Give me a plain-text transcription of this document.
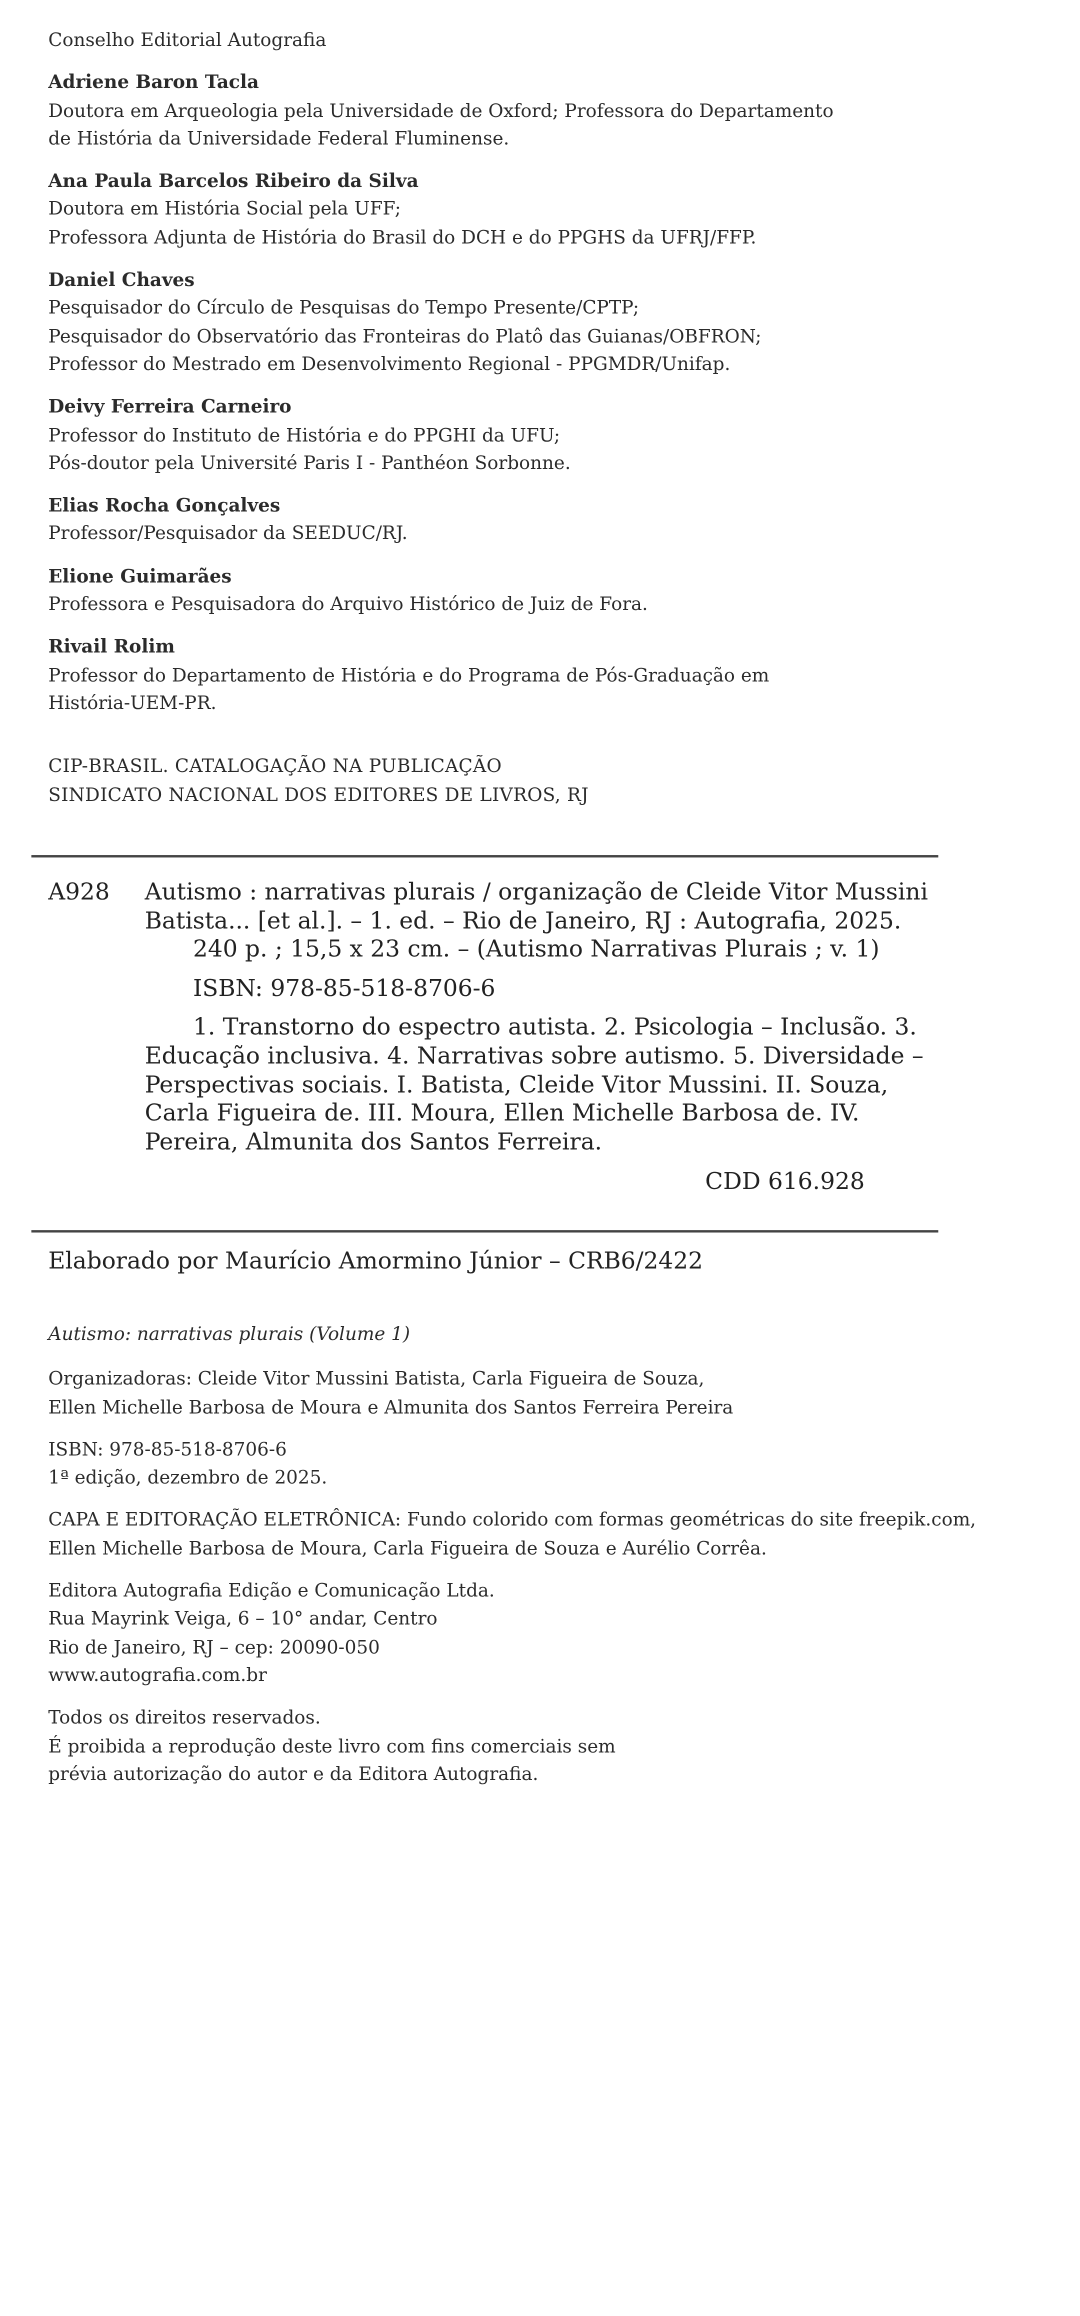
Conselho Editorial Autografia
Adriene Baron Tacla
Doutora em Arqueologia pela Universidade de Oxford; Professora do Departamento
de História da Universidade Federal Fluminense.
Ana Paula Barcelos Ribeiro da Silva
Doutora em História Social pela UFF;
Professora Adjunta de História do Brasil do DCH e do PPGHS da UFRJ/FFP.
Daniel Chaves
Pesquisador do Círculo de Pesquisas do Tempo Presente/CPTP;
Pesquisador do Observatório das Fronteiras do Platô das Guianas/OBFRON;
Professor do Mestrado em Desenvolvimento Regional - PPGMDR/Unifap.
Deivy Ferreira Carneiro
Professor do Instituto de História e do PPGHI da UFU;
Pós-doutor pela Université Paris I - Panthéon Sorbonne.
Elias Rocha Gonçalves
Professor/Pesquisador da SEEDUC/RJ.
Elione Guimarães
Professora e Pesquisadora do Arquivo Histórico de Juiz de Fora.
Rivail Rolim
Professor do Departamento de História e do Programa de Pós-Graduação em
História-UEM-PR.
CIP-BRASIL. CATALOGAÇÃO NA PUBLICAÇÃO
SINDICATO NACIONAL DOS EDITORES DE LIVROS, RJ
A928 Autismo : narrativas plurais / organização de Cleide Vitor Mussini Batista... [et al.]. – 1. ed. – Rio de Janeiro, RJ : Autografia, 2025.
240 p. ; 15,5 x 23 cm. – (Autismo Narrativas Plurais ; v. 1)
ISBN: 978-85-518-8706-6
1. Transtorno do espectro autista. 2. Psicologia – Inclusão. 3. Educação inclusiva. 4. Narrativas sobre autismo. 5. Diversidade – Perspectivas sociais. I. Batista, Cleide Vitor Mussini. II. Souza, Carla Figueira de. III. Moura, Ellen Michelle Barbosa de. IV. Pereira, Almunita dos Santos Ferreira.
CDD 616.928
Elaborado por Maurício Amormino Júnior – CRB6/2422
Autismo: narrativas plurais (Volume 1)
Organizadoras: Cleide Vitor Mussini Batista, Carla Figueira de Souza,
Ellen Michelle Barbosa de Moura e Almunita dos Santos Ferreira Pereira
ISBN: 978-85-518-8706-6
1ª edição, dezembro de 2025.
CAPA E EDITORAÇÃO ELETRÔNICA: Fundo colorido com formas geométricas do site freepik.com,
Ellen Michelle Barbosa de Moura, Carla Figueira de Souza e Aurélio Corrêa.
Editora Autografia Edição e Comunicação Ltda.
Rua Mayrink Veiga, 6 – 10° andar, Centro
Rio de Janeiro, RJ – cep: 20090-050
www.autografia.com.br
Todos os direitos reservados.
É proibida a reprodução deste livro com fins comerciais sem
prévia autorização do autor e da Editora Autografia.
